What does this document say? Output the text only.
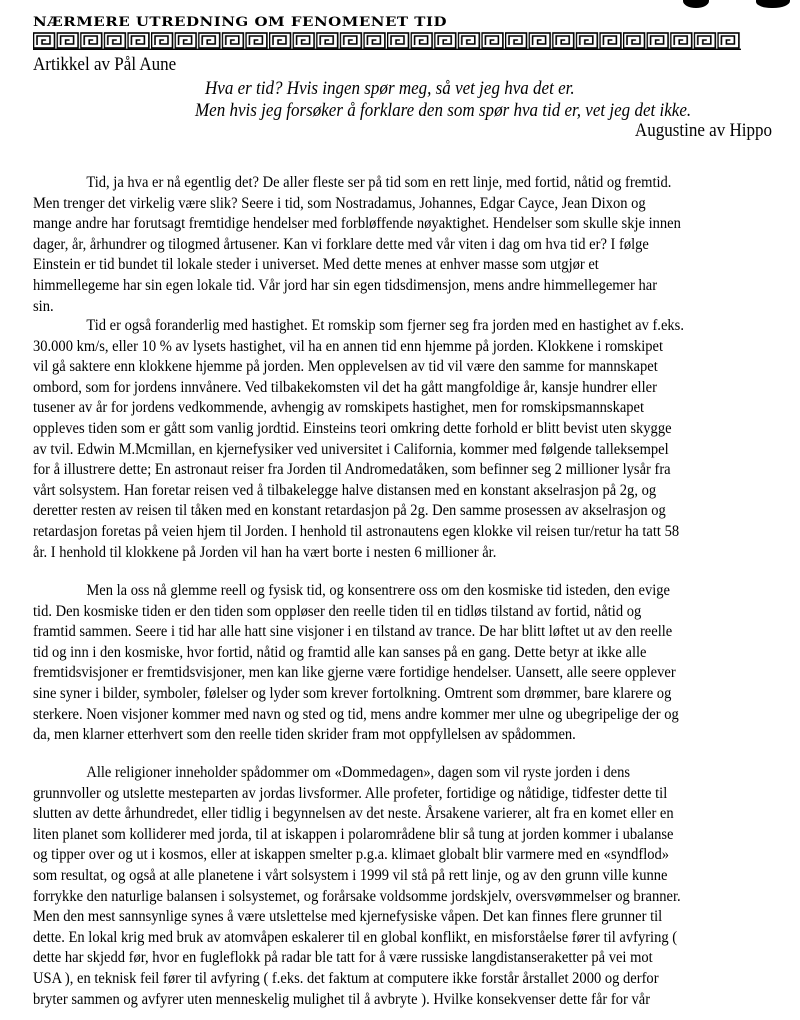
NÆRMERE UTREDNING OM FENOMENET TID
Artikkel av Pål Aune
Hva er tid? Hvis ingen spør meg, så vet jeg hva det er.
Men hvis jeg forsøker å forklare den som spør hva tid er, vet jeg det ikke.
Augustine av Hippo

Tid, ja hva er nå egentlig det? De aller fleste ser på tid som en rett linje, med fortid, nåtid og fremtid.
Men trenger det virkelig være slik? Seere i tid, som Nostradamus, Johannes, Edgar Cayce, Jean Dixon og
mange andre har forutsagt fremtidige hendelser med forbløffende nøyaktighet. Hendelser som skulle skje innen
dager, år, århundrer og tilogmed årtusener. Kan vi forklare dette med vår viten i dag om hva tid er? I følge
Einstein er tid bundet til lokale steder i universet. Med dette menes at enhver masse som utgjør et
himmellegeme har sin egen lokale tid. Vår jord har sin egen tidsdimensjon, mens andre himmellegemer har
sin.

Tid er også foranderlig med hastighet. Et romskip som fjerner seg fra jorden med en hastighet av f.eks.
30.000 km/s, eller 10 % av lysets hastighet, vil ha en annen tid enn hjemme på jorden. Klokkene i romskipet
vil gå saktere enn klokkene hjemme på jorden. Men opplevelsen av tid vil være den samme for mannskapet
ombord, som for jordens innvånere. Ved tilbakekomsten vil det ha gått mangfoldige år, kansje hundrer eller
tusener av år for jordens vedkommende, avhengig av romskipets hastighet, men for romskipsmannskapet
oppleves tiden som er gått som vanlig jordtid. Einsteins teori omkring dette forhold er blitt bevist uten skygge
av tvil. Edwin M.Mcmillan, en kjernefysiker ved universitet i California, kommer med følgende talleksempel
for å illustrere dette; En astronaut reiser fra Jorden til Andromedatåken, som befinner seg 2 millioner lysår fra
vårt solsystem. Han foretar reisen ved å tilbakelegge halve distansen med en konstant akselrasjon på 2g, og
deretter resten av reisen til tåken med en konstant retardasjon på 2g. Den samme prosessen av akselrasjon og
retardasjon foretas på veien hjem til Jorden. I henhold til astronautens egen klokke vil reisen tur/retur ha tatt 58
år. I henhold til klokkene på Jorden vil han ha vært borte i nesten 6 millioner år.

Men la oss nå glemme reell og fysisk tid, og konsentrere oss om den kosmiske tid isteden, den evige
tid. Den kosmiske tiden er den tiden som oppløser den reelle tiden til en tidløs tilstand av fortid, nåtid og
framtid sammen. Seere i tid har alle hatt sine visjoner i en tilstand av trance. De har blitt løftet ut av den reelle
tid og inn i den kosmiske, hvor fortid, nåtid og framtid alle kan sanses på en gang. Dette betyr at ikke alle
fremtidsvisjoner er fremtidsvisjoner, men kan like gjerne være fortidige hendelser. Uansett, alle seere opplever
sine syner i bilder, symboler, følelser og lyder som krever fortolkning. Omtrent som drømmer, bare klarere og
sterkere. Noen visjoner kommer med navn og sted og tid, mens andre kommer mer ulne og ubegripelige der og
da, men klarner etterhvert som den reelle tiden skrider fram mot oppfyllelsen av spådommen.

Alle religioner inneholder spådommer om «Dommedagen», dagen som vil ryste jorden i dens
grunnvoller og utslette mesteparten av jordas livsformer. Alle profeter, fortidige og nåtidige, tidfester dette til
slutten av dette århundredet, eller tidlig i begynnelsen av det neste. Årsakene varierer, alt fra en komet eller en
liten planet som kolliderer med jorda, til at iskappen i polarområdene blir så tung at jorden kommer i ubalanse
og tipper over og ut i kosmos, eller at iskappen smelter p.g.a. klimaet globalt blir varmere med en «syndflod»
som resultat, og også at alle planetene i vårt solsystem i 1999 vil stå på rett linje, og av den grunn ville kunne
forrykke den naturlige balansen i solsystemet, og forårsake voldsomme jordskjelv, oversvømmelser og branner.
Men den mest sannsynlige synes å være utslettelse med kjernefysiske våpen. Det kan finnes flere grunner til
dette. En lokal krig med bruk av atomvåpen eskalerer til en global konflikt, en misforståelse fører til avfyring (
dette har skjedd før, hvor en fugleflokk på radar ble tatt for å være russiske langdistanseraketter på vei mot
USA ), en teknisk feil fører til avfyring ( f.eks. det faktum at computere ikke forstår årstallet 2000 og derfor
bryter sammen og avfyrer uten menneskelig mulighet til å avbryte ). Hvilke konsekvenser dette får for vår
